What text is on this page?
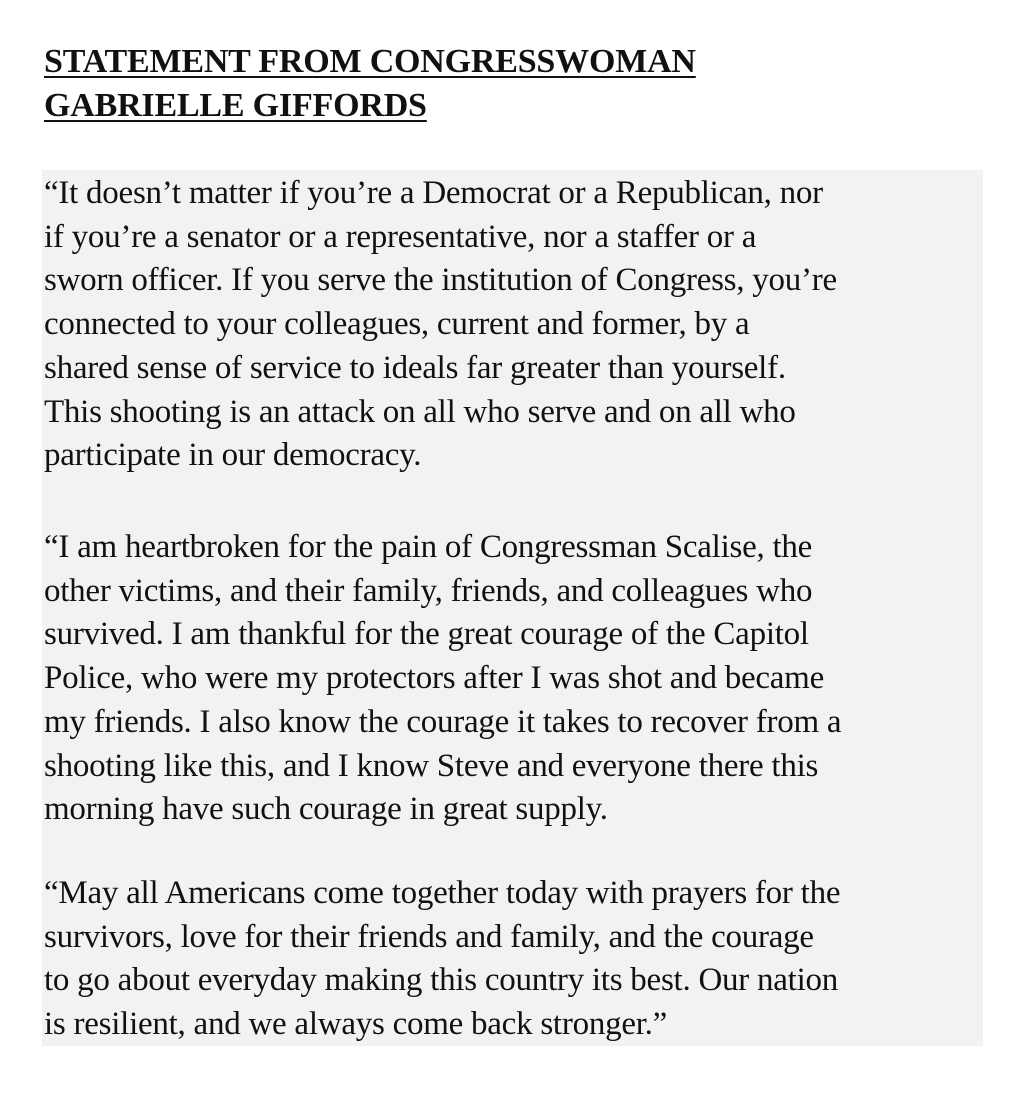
STATEMENT FROM CONGRESSWOMAN
GABRIELLE GIFFORDS

“It doesn’t matter if you’re a Democrat or a Republican, nor
if you’re a senator or a representative, nor a staffer or a
sworn officer. If you serve the institution of Congress, you’re
connected to your colleagues, current and former, by a
shared sense of service to ideals far greater than yourself.
This shooting is an attack on all who serve and on all who
participate in our democracy.

“I am heartbroken for the pain of Congressman Scalise, the
other victims, and their family, friends, and colleagues who
survived. I am thankful for the great courage of the Capitol
Police, who were my protectors after I was shot and became
my friends. I also know the courage it takes to recover from a
shooting like this, and I know Steve and everyone there this
morning have such courage in great supply.

“May all Americans come together today with prayers for the
survivors, love for their friends and family, and the courage
to go about everyday making this country its best. Our nation
is resilient, and we always come back stronger.”
